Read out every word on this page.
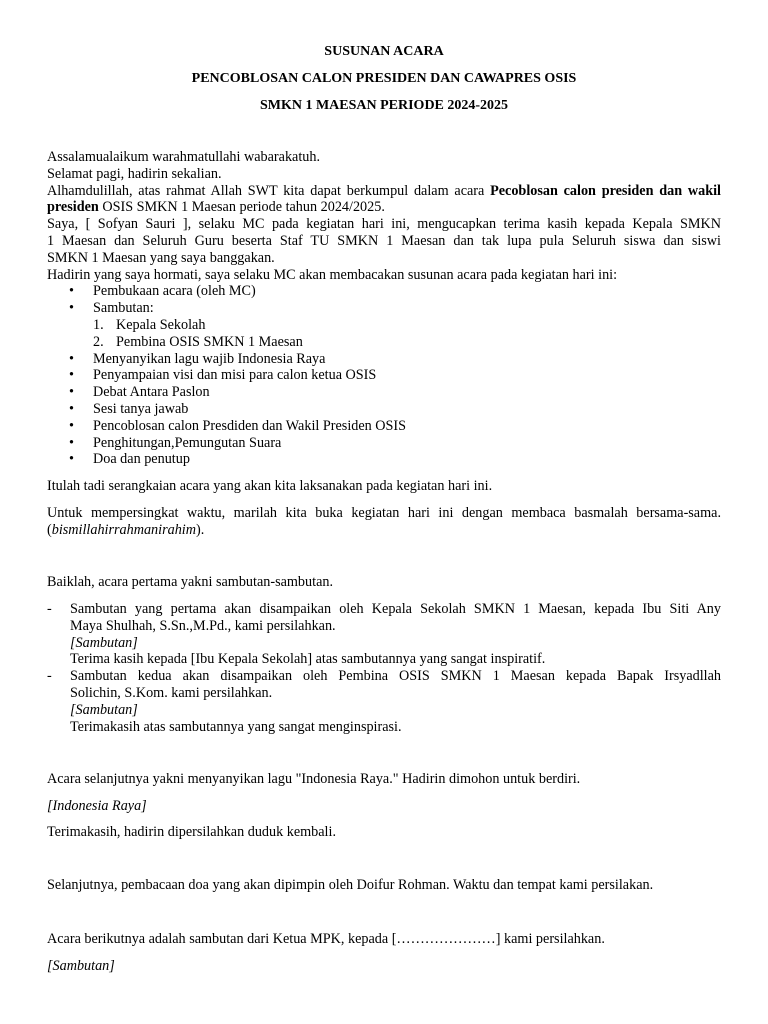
SUSUNAN ACARA
PENCOBLOSAN CALON PRESIDEN DAN CAWAPRES OSIS
SMKN 1 MAESAN PERIODE 2024-2025

Assalamualaikum warahmatullahi wabarakatuh.

Selamat pagi, hadirin sekalian.

Alhamdulillah, atas rahmat Allah SWT kita dapat berkumpul dalam acara Pecoblosan calon presiden dan wakil presiden OSIS SMKN 1 Maesan periode tahun 2024/2025.

Saya, [ Sofyan Sauri ], selaku MC pada kegiatan hari ini, mengucapkan terima kasih kepada Kepala SMKN

1 Maesan dan Seluruh Guru beserta Staf TU SMKN 1 Maesan dan tak lupa pula Seluruh siswa dan siswi

SMKN 1 Maesan yang saya banggakan.

Hadirin yang saya hormati, saya selaku MC akan membacakan susunan acara pada kegiatan hari ini:

• Pembukaan acara (oleh MC)
• Sambutan:
1. Kepala Sekolah
2. Pembina OSIS SMKN 1 Maesan
• Menyanyikan lagu wajib Indonesia Raya
• Penyampaian visi dan misi para calon ketua OSIS
• Debat Antara Paslon
• Sesi tanya jawab
• Pencoblosan calon Presdiden dan Wakil Presiden OSIS
• Penghitungan,Pemungutan Suara
• Doa dan penutup

Itulah tadi serangkaian acara yang akan kita laksanakan pada kegiatan hari ini.

Untuk mempersingkat waktu, marilah kita buka kegiatan hari ini dengan membaca basmalah bersama-sama.

(bismillahirrahmanirahim).

Baiklah, acara pertama yakni sambutan-sambutan.

- Sambutan yang pertama akan disampaikan oleh Kepala Sekolah SMKN 1 Maesan, kepada Ibu Siti Any

Maya Shulhah, S.Sn.,M.Pd., kami persilahkan.

[Sambutan]

Terima kasih kepada [Ibu Kepala Sekolah] atas sambutannya yang sangat inspiratif.

- Sambutan kedua akan disampaikan oleh Pembina OSIS SMKN 1 Maesan kepada Bapak Irsyadllah

Solichin, S.Kom. kami persilahkan.

[Sambutan]

Terimakasih atas sambutannya yang sangat menginspirasi.

Acara selanjutnya yakni menyanyikan lagu "Indonesia Raya." Hadirin dimohon untuk berdiri.

[Indonesia Raya]

Terimakasih, hadirin dipersilahkan duduk kembali.

Selanjutnya, pembacaan doa yang akan dipimpin oleh Doifur Rohman. Waktu dan tempat kami persilakan.

Acara berikutnya adalah sambutan dari Ketua MPK, kepada […………………] kami persilahkan.

[Sambutan]
